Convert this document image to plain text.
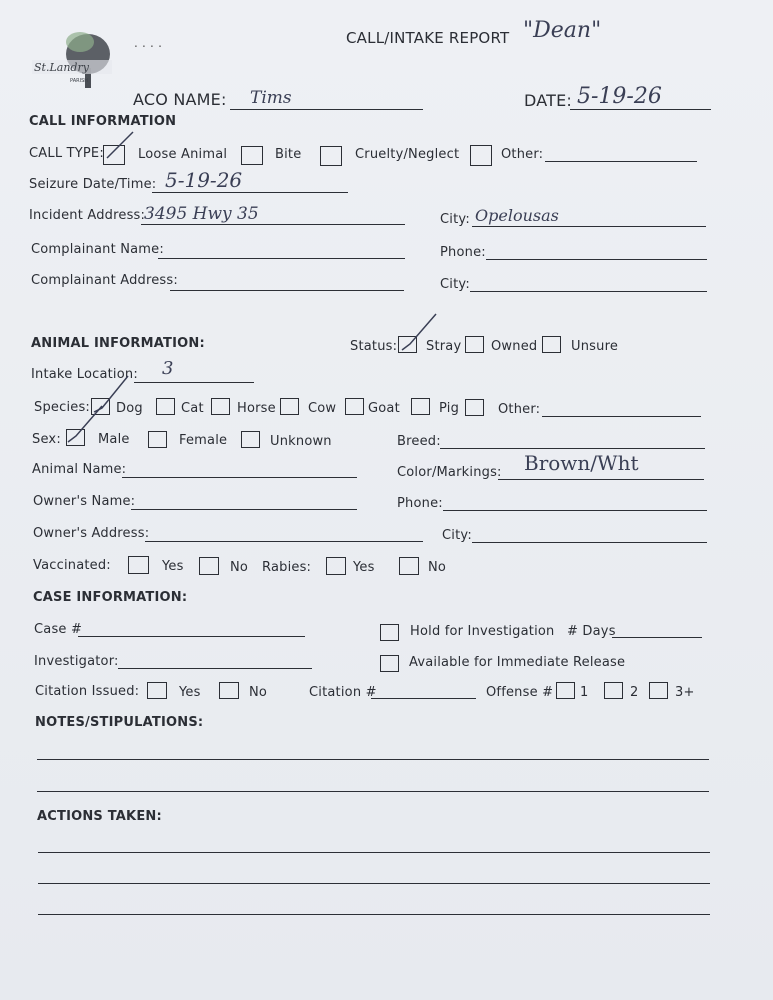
St.Landry
PARISH
. . . .	CALL/INTAKE REPORT "Dean"
ACO NAME: Tims	DATE: 5-19-26
CALL INFORMATION
CALL TYPE:	Loose Animal	Bite	Cruelty/Neglect	Other:
Seizure Date/Time: 5-19-26
Incident Address:
3495 Hwy 35	City: Opelousas
Complainant Name:	Phone:
Complainant Address:	City:
ANIMAL INFORMATION:	Status: Stray Owned	Unsure
Intake Location: 3
Species: Dog	Cat	Horse Cow Goat	Pig	Other:
Sex:	Male	Female	Unknown	Breed:
Animal Name:	Color/Markings: Brown/Wht
Owner's Name:	Phone:
Owner's Address:	City:
Vaccinated:	Yes	No Rabies:	Yes	No
CASE INFORMATION:
Case #	Hold for Investigation # Days
Investigator:	Available for Immediate Release
Citation Issued:	Yes	No	Citation #	Offense # 1	2	3+
NOTES/STIPULATIONS:
ACTIONS TAKEN:
